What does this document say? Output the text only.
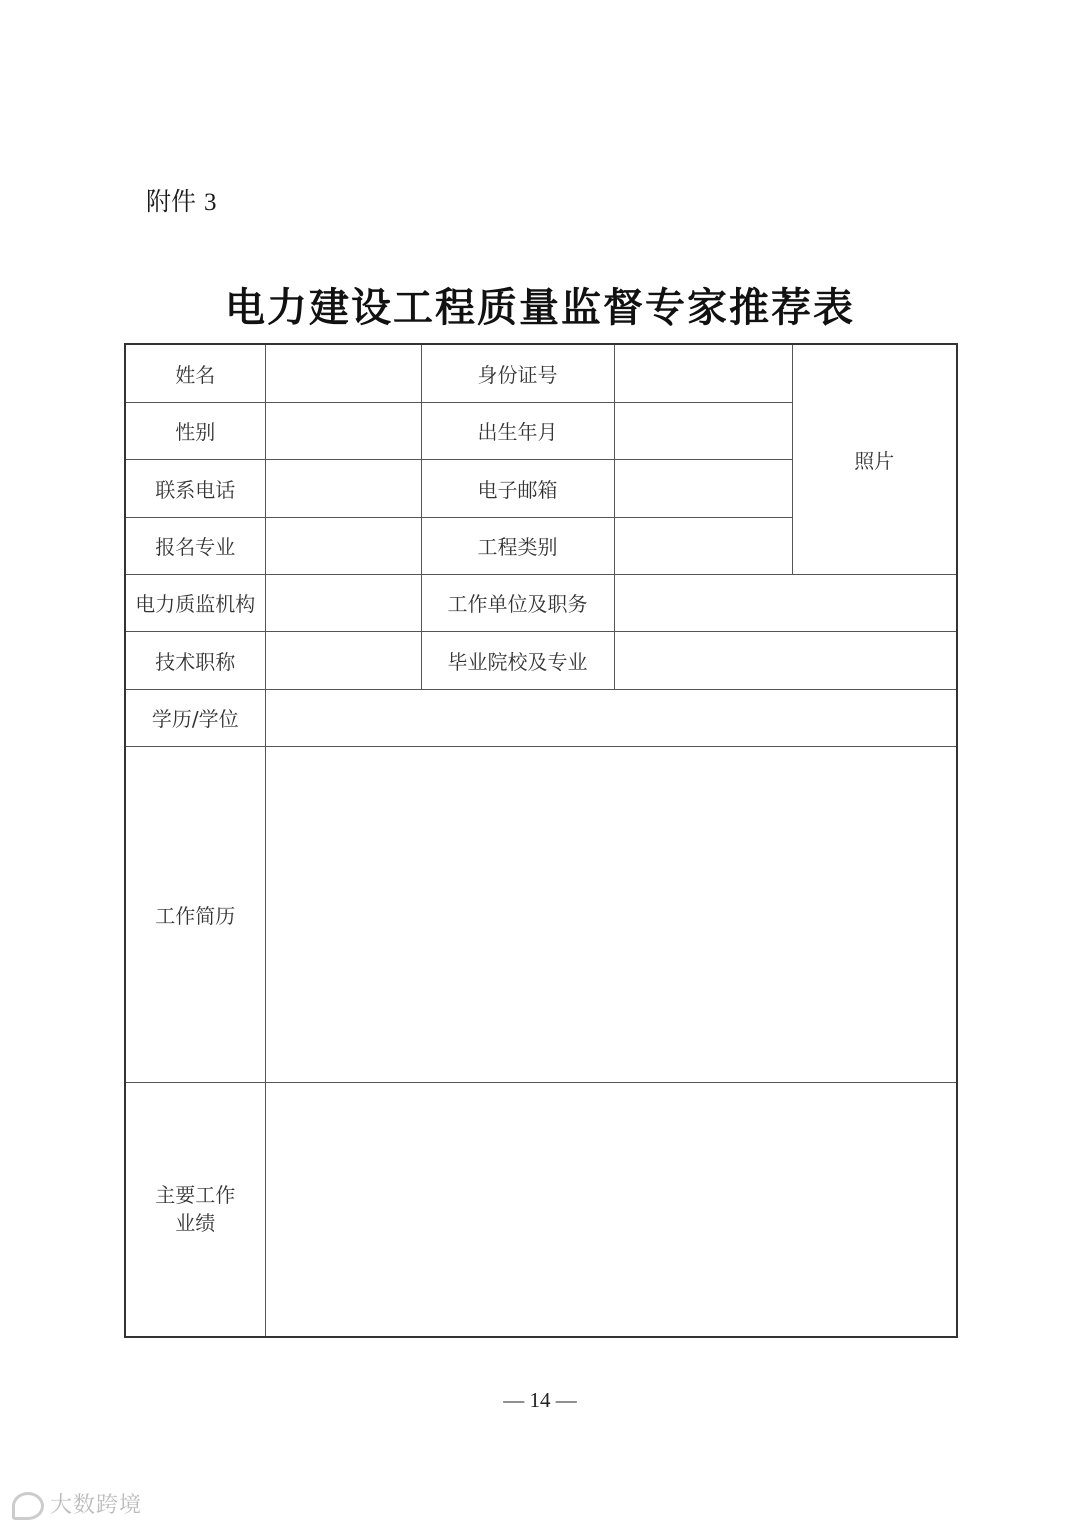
附件 3
电力建设工程质量监督专家推荐表
姓名		身份证号		照片
性别		出生年月		
联系电话		电子邮箱		
报名专业		工程类别		
电力质监机构		工作单位及职务		
技术职称		毕业院校及专业		
学历/学位				
工作简历				

主要工作
业绩				

— 14 —
大数跨境
